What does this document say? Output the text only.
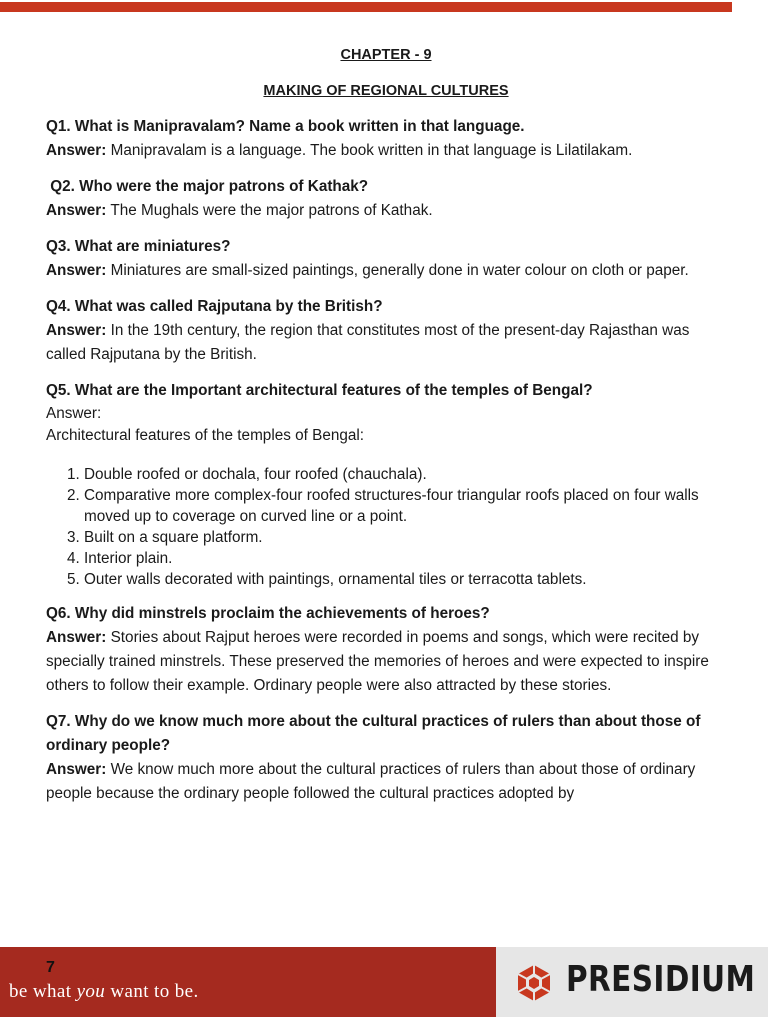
CHAPTER - 9

MAKING OF REGIONAL CULTURES

Q1. What is Manipravalam? Name a book written in that language.

Answer: Manipravalam is a language. The book written in that language is Lilatilakam.

Q2. Who were the major patrons of Kathak?

Answer: The Mughals were the major patrons of Kathak.

Q3. What are miniatures?

Answer: Miniatures are small-sized paintings, generally done in water colour on cloth or paper.

Q4. What was called Rajputana by the British?

Answer: In the 19th century, the region that constitutes most of the present-day Rajasthan was called Rajputana by the British.

Q5. What are the Important architectural features of the temples of Bengal?

Answer:

Architectural features of the temples of Bengal:

1. Double roofed or dochala, four roofed (chauchala).
2. Comparative more complex-four roofed structures-four triangular roofs placed on four walls moved up to coverage on curved line or a point.
3. Built on a square platform.
4. Interior plain.
5. Outer walls decorated with paintings, ornamental tiles or terracotta tablets.

Q6. Why did minstrels proclaim the achievements of heroes?

Answer: Stories about Rajput heroes were recorded in poems and songs, which were recited by specially trained minstrels. These preserved the memories of heroes and were expected to inspire others to follow their example. Ordinary people were also attracted by these stories.

Q7. Why do we know much more about the cultural practices of rulers than about those of ordinary people?

Answer: We know much more about the cultural practices of rulers than about those of ordinary people because the ordinary people followed the cultural practices adopted by

7
be what you want to be.	PRESIDIUM
